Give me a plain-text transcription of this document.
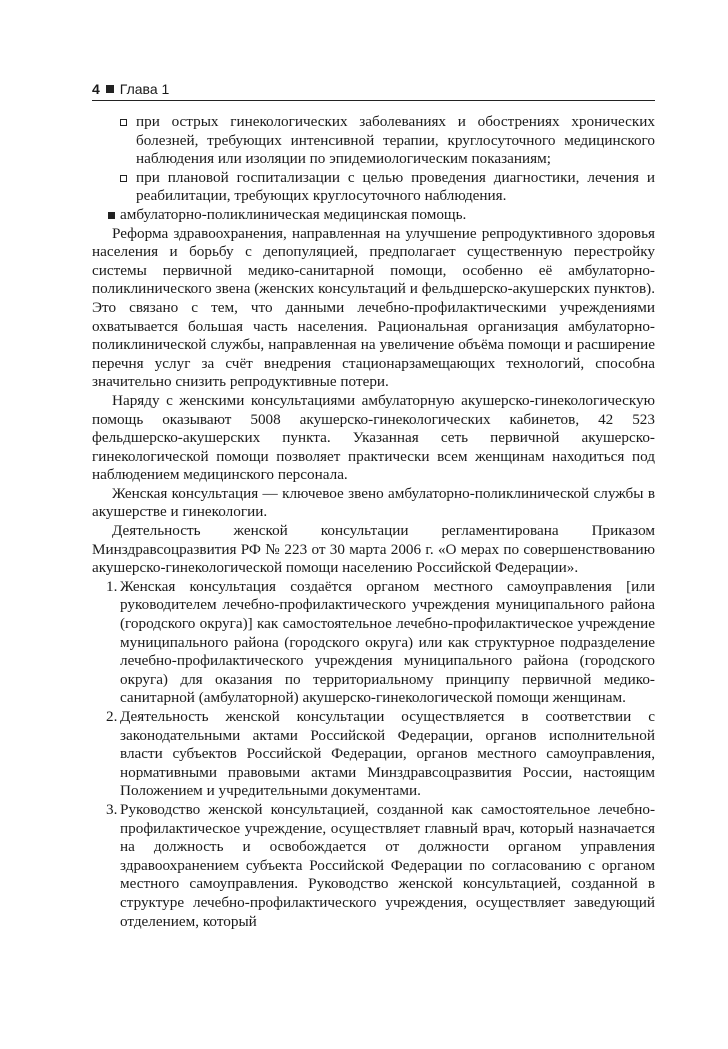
4 Глава 1
при острых гинекологических заболеваниях и обострениях хронических болезней, требующих интенсивной терапии, круглосуточного медицинского наблюдения или изоляции по эпидемиологическим показаниям;
при плановой госпитализации с целью проведения диагностики, лечения и реабилитации, требующих круглосуточного наблюдения.
амбулаторно-поликлиническая медицинская помощь.

Реформа здравоохранения, направленная на улучшение репродуктивного здоровья населения и борьбу с депопуляцией, предполагает существенную перестройку системы первичной медико-санитарной помощи, особенно её амбулаторно-поликлинического звена (женских консультаций и фельдшерско-акушерских пунктов). Это связано с тем, что данными лечебно-профилактическими учреждениями охватывается большая часть населения. Рациональная организация амбулаторно-поликлинической службы, направленная на увеличение объёма помощи и расширение перечня услуг за счёт внедрения стационарзамещающих технологий, способна значительно снизить репродуктивные потери.

Наряду с женскими консультациями амбулаторную акушерско-гинекологическую помощь оказывают 5008 акушерско-гинекологических кабинетов, 42 523 фельдшерско-акушерских пункта. Указанная сеть первичной акушерско-гинекологической помощи позволяет практически всем женщинам находиться под наблюдением медицинского персонала.

Женская консультация — ключевое звено амбулаторно-поликлинической службы в акушерстве и гинекологии.

Деятельность женской консультации регламентирована Приказом Минздравсоцразвития РФ № 223 от 30 марта 2006 г. «О мерах по совершенствованию акушерско-гинекологической помощи населению Российской Федерации».

1. Женская консультация создаётся органом местного самоуправления [или руководителем лечебно-профилактического учреждения муниципального района (городского округа)] как самостоятельное лечебно-профилактическое учреждение муниципального района (городского округа) или как структурное подразделение лечебно-профилактического учреждения муниципального района (городского округа) для оказания по территориальному принципу первичной медико-санитарной (амбулаторной) акушерско-гинекологической помощи женщинам.
2. Деятельность женской консультации осуществляется в соответствии с законодательными актами Российской Федерации, органов исполнительной власти субъектов Российской Федерации, органов местного самоуправления, нормативными правовыми актами Минздравсоцразвития России, настоящим Положением и учредительными документами.
3. Руководство женской консультацией, созданной как самостоятельное лечебно-профилактическое учреждение, осуществляет главный врач, который назначается на должность и освобождается от должности органом управления здравоохранением субъекта Российской Федерации по согласованию с органом местного самоуправления. Руководство женской консультацией, созданной в структуре лечебно-профилактического учреждения, осуществляет заведующий отделением, который
